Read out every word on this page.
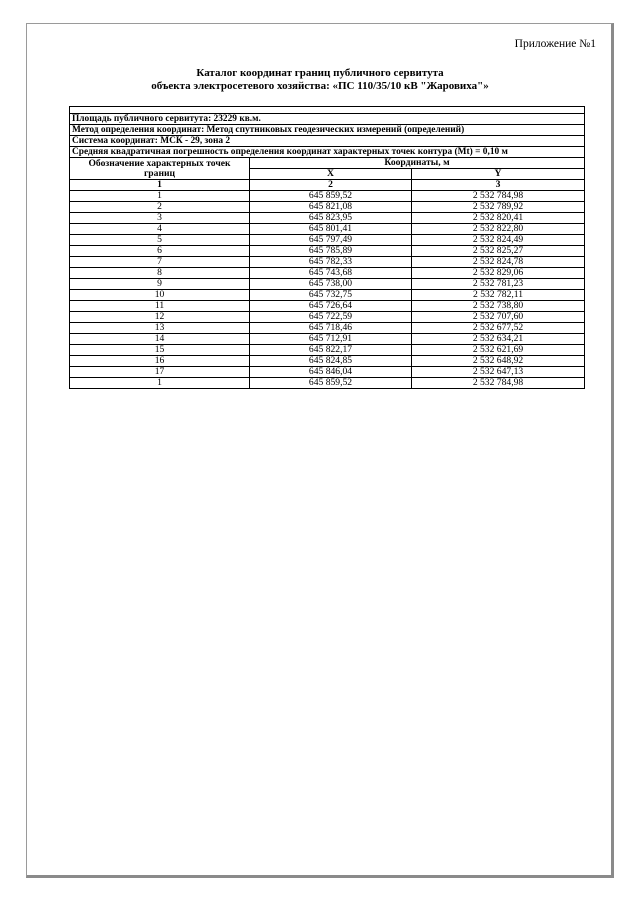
Приложение №1
Каталог координат границ публичного сервитута
объекта электросетевого хозяйства: «ПС 110/35/10 кВ "Жаровиха"»

Площадь публичного сервитута: 23229 кв.м.		
Метод определения координат: Метод спутниковых геодезических измерений (определений)		
Система координат: МСК - 29, зона 2		
Средняя квадратичная погрешность определения координат характерных точек контура (Mt) = 0,10 м		
Обозначение характерных точек границ	Координаты, м	
	X	Y
1	2	3
1	645 859,52	2 532 784,98
2	645 821,08	2 532 789,92
3	645 823,95	2 532 820,41
4	645 801,41	2 532 822,80
5	645 797,49	2 532 824,49
6	645 785,89	2 532 825,27
7	645 782,33	2 532 824,78
8	645 743,68	2 532 829,06
9	645 738,00	2 532 781,23
10	645 732,75	2 532 782,11
11	645 726,64	2 532 738,80
12	645 722,59	2 532 707,60
13	645 718,46	2 532 677,52
14	645 712,91	2 532 634,21
15	645 822,17	2 532 621,69
16	645 824,85	2 532 648,92
17	645 846,04	2 532 647,13
1	645 859,52	2 532 784,98
